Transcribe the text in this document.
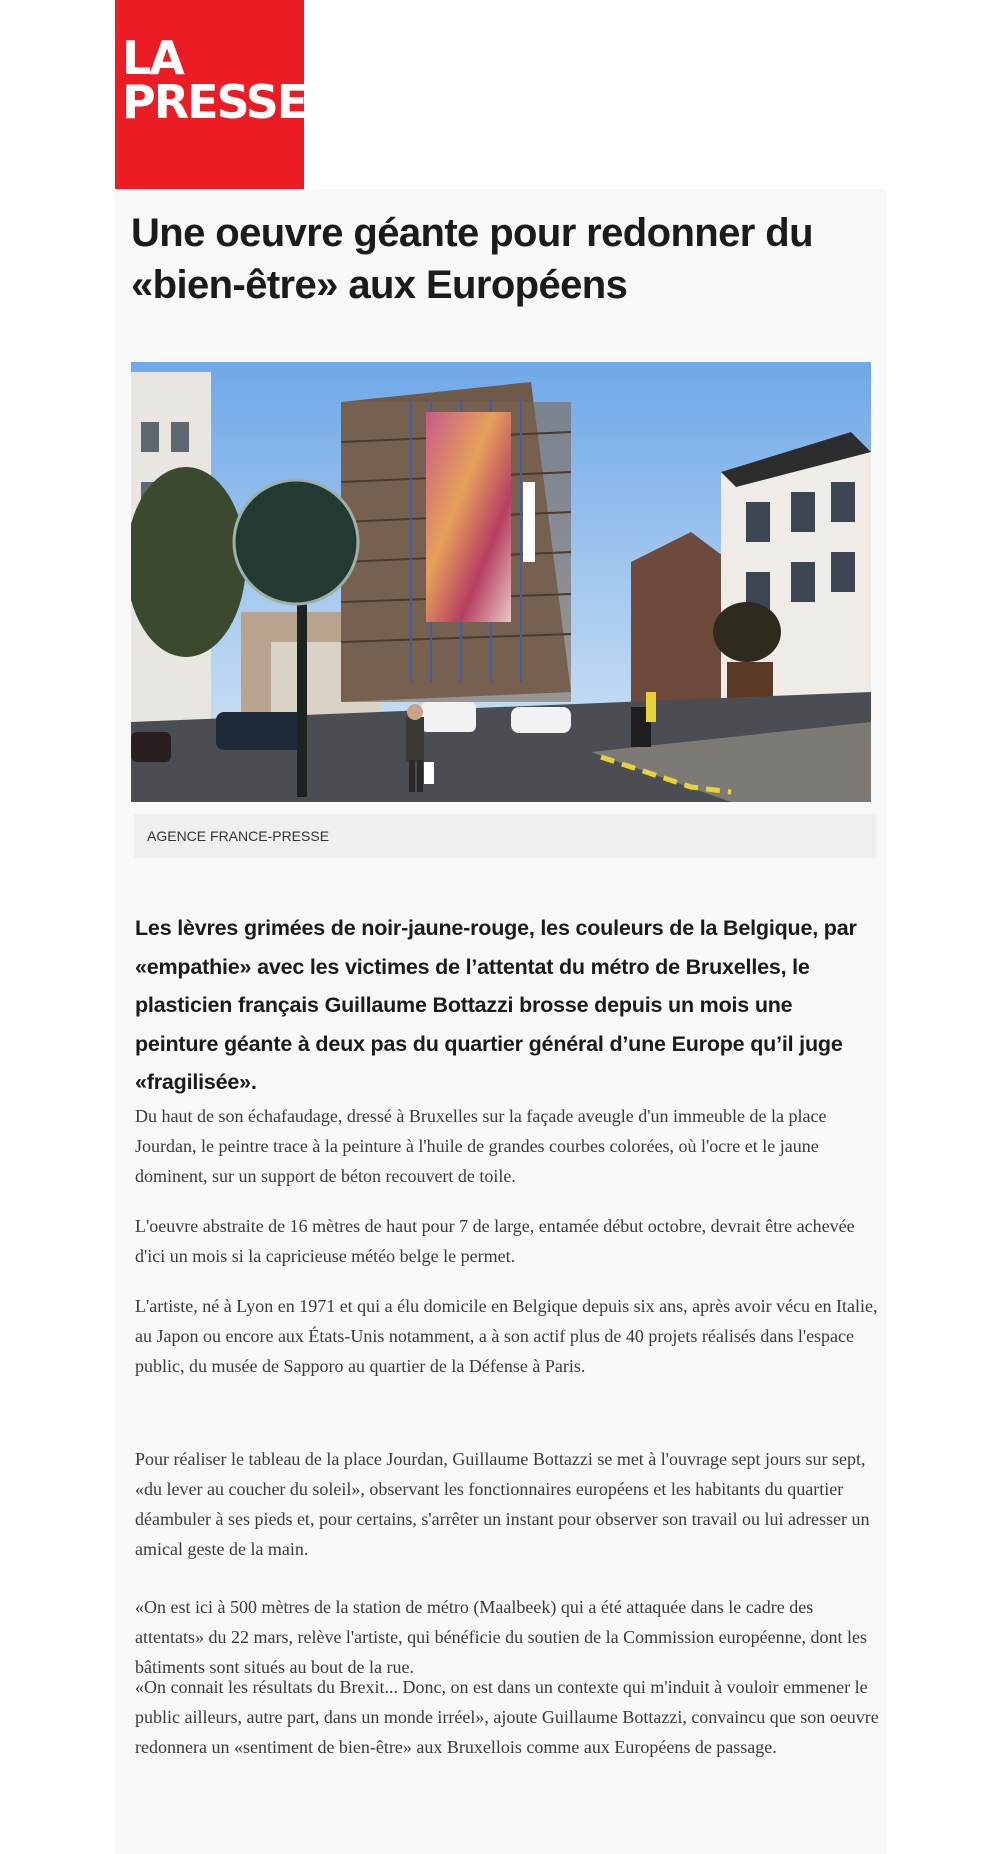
LA
PRESSE
Une oeuvre géante pour redonner du «bien-être» aux Européens
AGENCE FRANCE-PRESSE

Les lèvres grimées de noir-jaune-rouge, les couleurs de la Belgique, par «empathie» avec les victimes de l’attentat du métro de Bruxelles, le plasticien français Guillaume Bottazzi brosse depuis un mois une peinture géante à deux pas du quartier général d’une Europe qu’il juge «fragilisée».

Du haut de son échafaudage, dressé à Bruxelles sur la façade aveugle d'un immeuble de la place Jourdan, le peintre trace à la peinture à l'huile de grandes courbes colorées, où l'ocre et le jaune dominent, sur un support de béton recouvert de toile.

L'oeuvre abstraite de 16 mètres de haut pour 7 de large, entamée début octobre, devrait être achevée d'ici un mois si la capricieuse météo belge le permet.

L'artiste, né à Lyon en 1971 et qui a élu domicile en Belgique depuis six ans, après avoir vécu en Italie, au Japon ou encore aux États-Unis notamment, a à son actif plus de 40 projets réalisés dans l'espace public, du musée de Sapporo au quartier de la Défense à Paris.

Pour réaliser le tableau de la place Jourdan, Guillaume Bottazzi se met à l'ouvrage sept jours sur sept, «du lever au coucher du soleil», observant les fonctionnaires européens et les habitants du quartier déambuler à ses pieds et, pour certains, s'arrêter un instant pour observer son travail ou lui adresser un amical geste de la main.

«On est ici à 500 mètres de la station de métro (Maalbeek) qui a été attaquée dans le cadre des attentats» du 22 mars, relève l'artiste, qui bénéficie du soutien de la Commission européenne, dont les bâtiments sont situés au bout de la rue.

«On connait les résultats du Brexit... Donc, on est dans un contexte qui m'induit à vouloir emmener le public ailleurs, autre part, dans un monde irréel», ajoute Guillaume Bottazzi, convaincu que son oeuvre redonnera un «sentiment de bien-être» aux Bruxellois comme aux Européens de passage.
